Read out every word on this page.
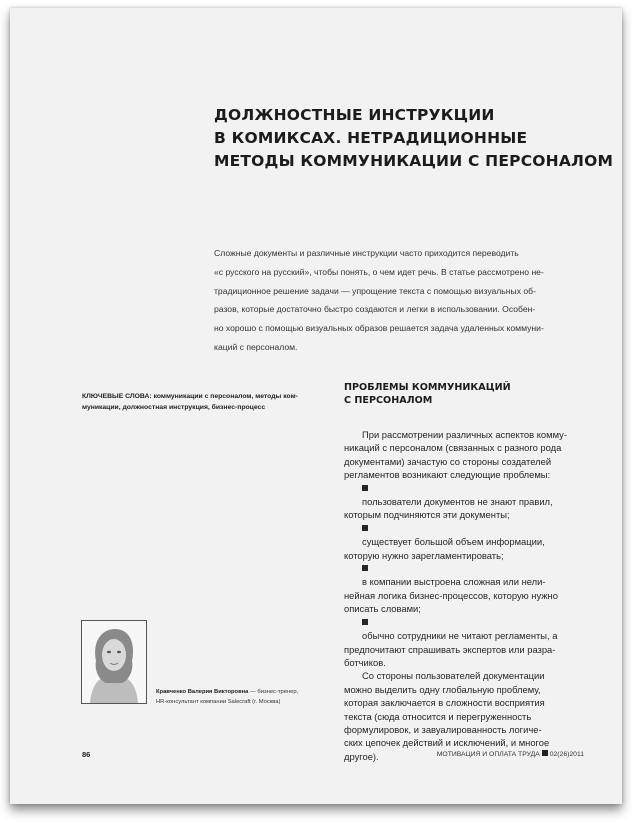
ДОЛЖНОСТНЫЕ ИНСТРУКЦИИ
В КОМИКСАХ. НЕТРАДИЦИОННЫЕ
МЕТОДЫ КОММУНИКАЦИИ С ПЕРСОНАЛОМ
Сложные документы и различные инструкции часто приходится переводить
«с русского на русский», чтобы понять, о чем идет речь. В статье рассмотрено не-
традиционное решение задачи — упрощение текста с помощью визуальных об-
разов, которые достаточно быстро создаются и легки в использовании. Особен-
но хорошо с помощью визуальных образов решается задача удаленных коммуни-
каций с персоналом.
КЛЮЧЕВЫЕ СЛОВА: коммуникации с персоналом, методы ком-
муникации, должностная инструкция, бизнес-процесс
ПРОБЛЕМЫ КОММУНИКАЦИЙ
С ПЕРСОНАЛОМ
При рассмотрении различных аспектов комму-
никаций с персоналом (связанных с разного рода
документами) зачастую со стороны создателей
регламентов возникают следующие проблемы:
пользователи документов не знают правил,
которым подчиняются эти документы;
существует большой объем информации,
которую нужно зарегламентировать;
в компании выстроена сложная или нели-
нейная логика бизнес-процессов, которую нужно
описать словами;
обычно сотрудники не читают регламенты, а
предпочитают спрашивать экспертов или разра-
ботчиков.
Со стороны пользователей документации
можно выделить одну глобальную проблему,
которая заключается в сложности восприятия
текста (сюда относится и перегруженность
формулировок, и завуалированность логиче-
ских цепочек действий и исключений, и многое
другое).
Кравченко Валерия Викторовна — бизнес-тренер,
HR-консультант компании Salecraft (г. Москва)
86	МОТИВАЦИЯ И ОПЛАТА ТРУДА 02(26)2011
